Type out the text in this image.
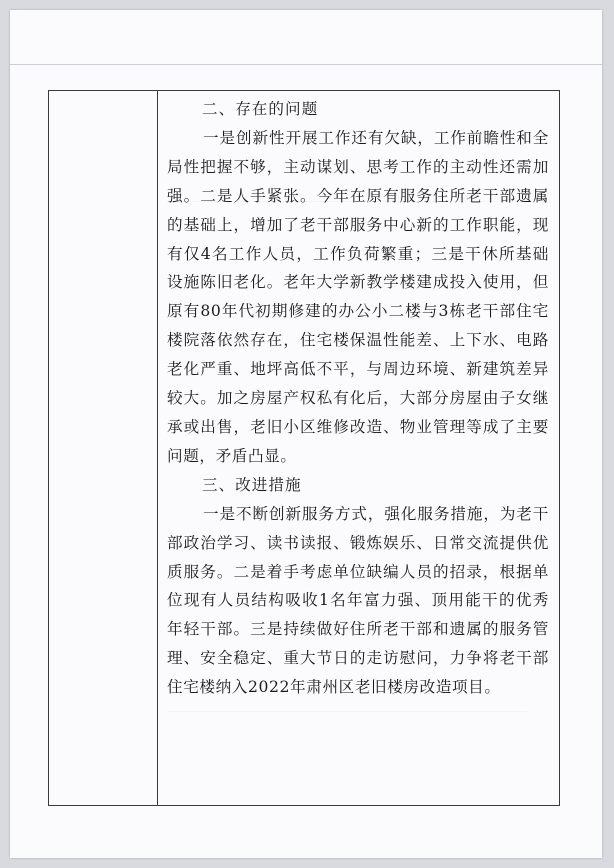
二、存在的问题

一是创新性开展工作还有欠缺，工作前瞻性和全局性把握不够，主动谋划、思考工作的主动性还需加强。二是人手紧张。今年在原有服务住所老干部遗属的基础上，增加了老干部服务中心新的工作职能，现有仅4名工作人员，工作负荷繁重；三是干休所基础设施陈旧老化。老年大学新教学楼建成投入使用，但原有80年代初期修建的办公小二楼与3栋老干部住宅楼院落依然存在，住宅楼保温性能差、上下水、电路老化严重、地坪高低不平，与周边环境、新建筑差异较大。加之房屋产权私有化后，大部分房屋由子女继承或出售，老旧小区维修改造、物业管理等成了主要问题，矛盾凸显。

三、改进措施

一是不断创新服务方式，强化服务措施，为老干部政治学习、读书读报、锻炼娱乐、日常交流提供优质服务。二是着手考虑单位缺编人员的招录，根据单位现有人员结构吸收1名年富力强、顶用能干的优秀年轻干部。三是持续做好住所老干部和遗属的服务管理、安全稳定、重大节日的走访慰问，力争将老干部住宅楼纳入2022年肃州区老旧楼房改造项目。
